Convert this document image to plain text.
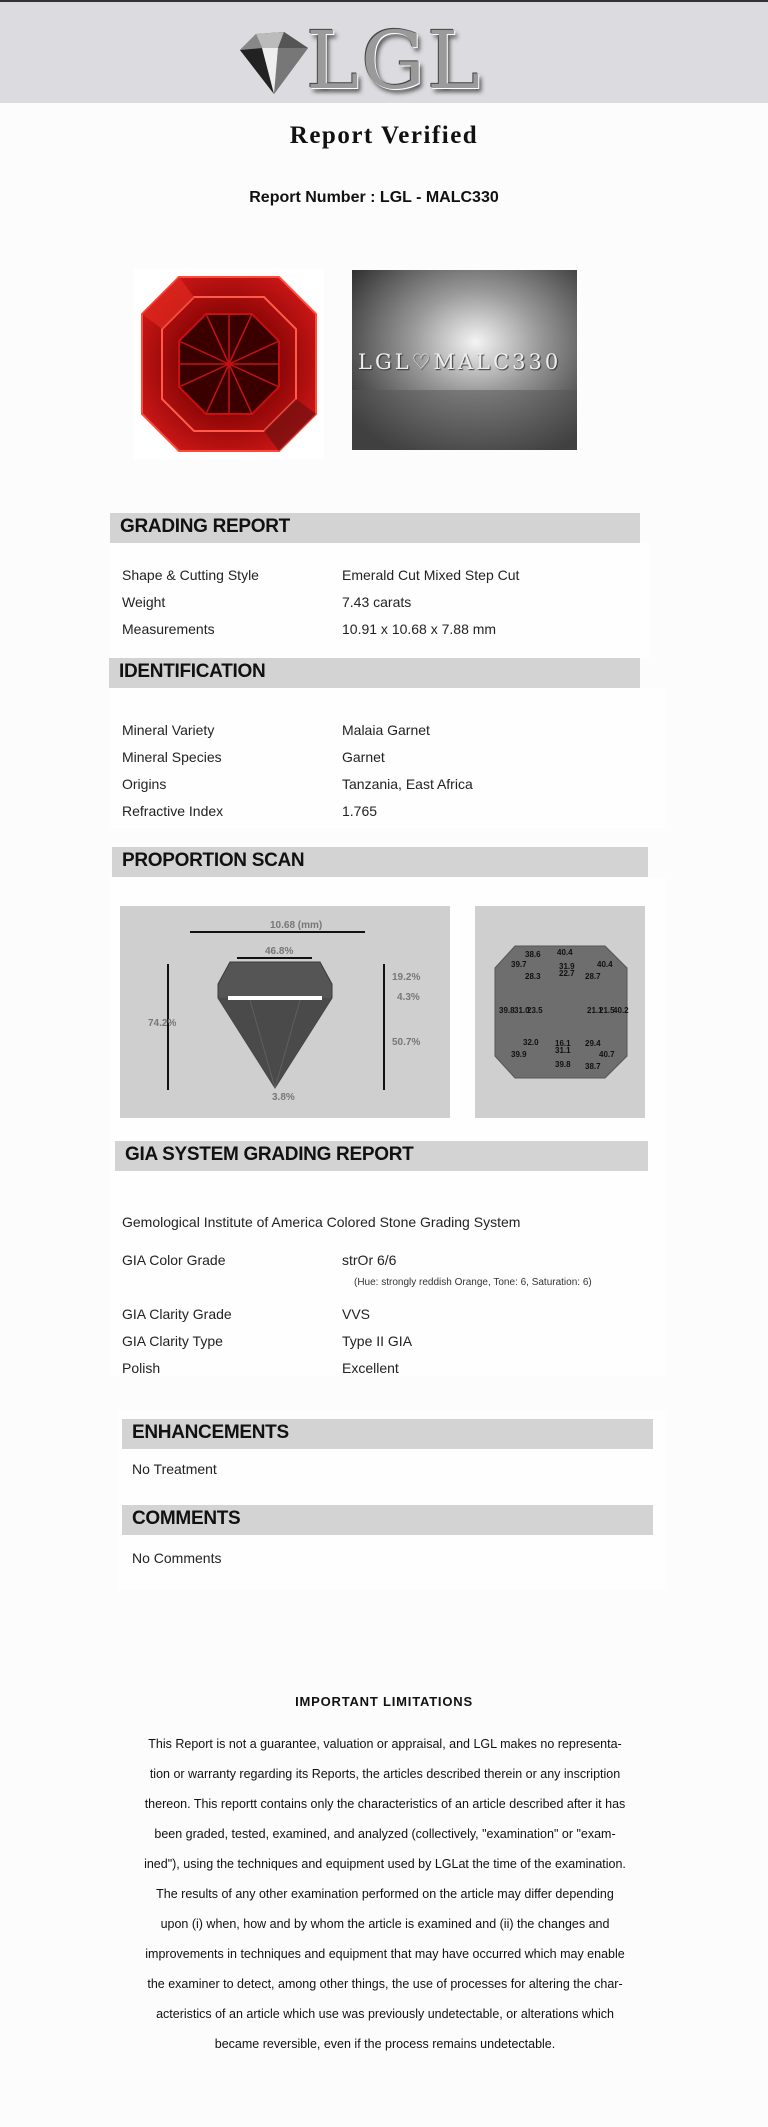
LGL
Report Verified
Report Number : LGL - MALC330
LGL♡MALC330
GRADING REPORT
Shape & Cutting Style	Emerald Cut Mixed Step Cut
Weight	7.43 carats
Measurements	10.91 x 10.68 x 7.88 mm
IDENTIFICATION
Mineral Variety	Malaia Garnet
Mineral Species	Garnet
Origins	Tanzania, East Africa
Refractive Index	1.765
PROPORTION SCAN
10.68 (mm)
46.8%
74.2%
19.2%
4.3%
50.7%
3.8%
38.6 40.4
40.4
39.7	31.9
22.7
28.3	28.7
39.8 31.0
23.5	21.1
21.5
40.2
32.0 16.1
31.1
29.4
39.9
39.8 38.7
40.7
GIA SYSTEM GRADING REPORT
Gemological Institute of America Colored Stone Grading System
GIA Color Grade	strOr 6/6
(Hue: strongly reddish Orange, Tone: 6, Saturation: 6)
GIA Clarity Grade	VVS
GIA Clarity Type	Type II GIA
Polish	Excellent
ENHANCEMENTS
No Treatment
COMMENTS
No Comments
IMPORTANT LIMITATIONS
This Report is not a guarantee, valuation or appraisal, and LGL makes no representa-
tion or warranty regarding its Reports, the articles described therein or any inscription
thereon. This reportt contains only the characteristics of an article described after it has
been graded, tested, examined, and analyzed (collectively, "examination" or "exam-
ined"), using the techniques and equipment used by LGLat the time of the examination.
The results of any other examination performed on the article may differ depending
upon (i) when, how and by whom the article is examined and (ii) the changes and
improvements in techniques and equipment that may have occurred which may enable
the examiner to detect, among other things, the use of processes for altering the char-
acteristics of an article which use was previously undetectable, or alterations which
became reversible, even if the process remains undetectable.
